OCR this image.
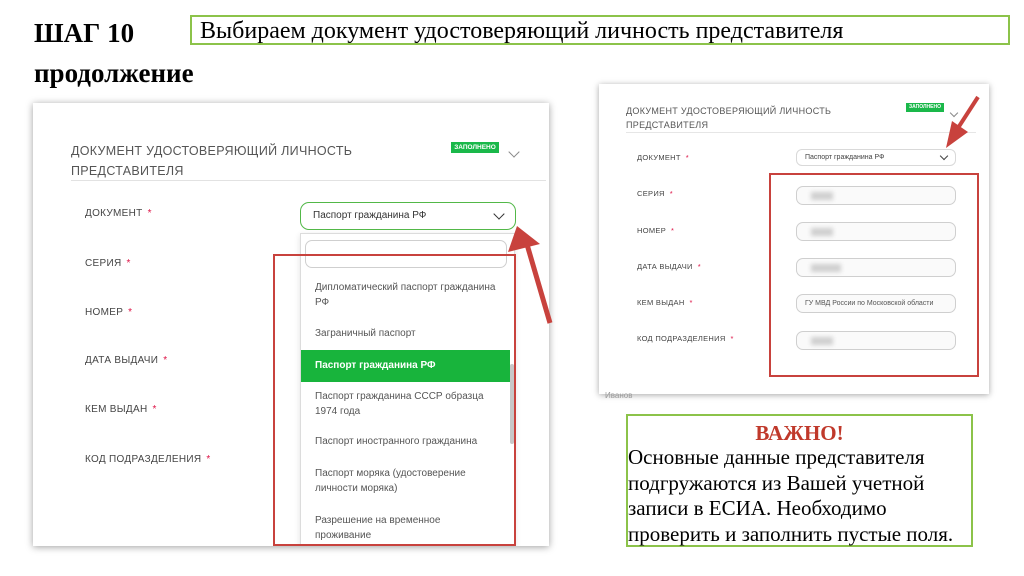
ШАГ 10
продолжение
Выбираем документ удостоверяющий личность представителя
ДОКУМЕНТ УДОСТОВЕРЯЮЩИЙ ЛИЧНОСТЬ
ПРЕДСТАВИТЕЛЯ
ЗАПОЛНЕНО
ДОКУМЕНТ *
СЕРИЯ *
НОМЕР *
ДАТА ВЫДАЧИ *
КЕМ ВЫДАН *
КОД ПОДРАЗДЕЛЕНИЯ *
Паспорт гражданина РФ
Дипломатический паспорт гражданина РФ
Заграничный паспорт
Паспорт гражданина РФ
Паспорт гражданина СССР образца 1974 года
Паспорт иностранного гражданина
Паспорт моряка (удостоверение личности моряка)
Разрешение на временное проживание
ДОКУМЕНТ УДОСТОВЕРЯЮЩИЙ ЛИЧНОСТЬ
ПРЕДСТАВИТЕЛЯ
ЗАПОЛНЕНО
ДОКУМЕНТ *
СЕРИЯ *
НОМЕР *
ДАТА ВЫДАЧИ *
КЕМ ВЫДАН *
КОД ПОДРАЗДЕЛЕНИЯ *
Паспорт гражданина РФ
ГУ МВД России по Московской области
Иванов
ВАЖНО!
Основные данные представителя подгружаются из Вашей учетной записи в ЕСИА. Необходимо проверить и заполнить пустые поля.
